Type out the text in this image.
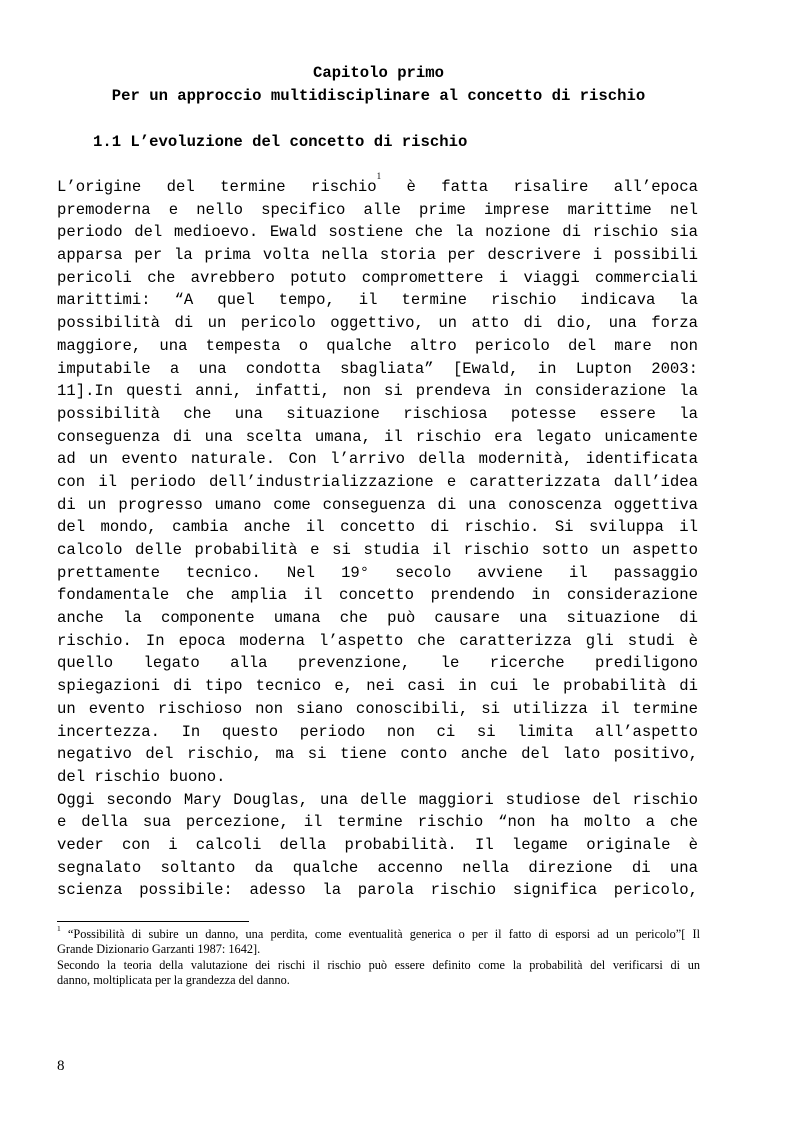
Capitolo primo
Per un approccio multidisciplinare al concetto di rischio
1.1 L’evoluzione del concetto di rischio
L’origine del termine rischio$^1$ è fatta risalire all’epoca
premoderna e nello specifico alle prime imprese marittime nel
periodo del medioevo. Ewald sostiene che la nozione di rischio sia
apparsa per la prima volta nella storia per descrivere i possibili
pericoli che avrebbero potuto compromettere i viaggi commerciali
marittimi: “A quel tempo, il termine rischio indicava la
possibilità di un pericolo oggettivo, un atto di dio, una forza
maggiore, una tempesta o qualche altro pericolo del mare non
imputabile a una condotta sbagliata” [Ewald, in Lupton 2003:
11].In questi anni, infatti, non si prendeva in considerazione la
possibilità che una situazione rischiosa potesse essere la
conseguenza di una scelta umana, il rischio era legato unicamente
ad un evento naturale. Con l’arrivo della modernità, identificata
con il periodo dell’industrializzazione e caratterizzata dall’idea
di un progresso umano come conseguenza di una conoscenza oggettiva
del mondo, cambia anche il concetto di rischio. Si sviluppa il
calcolo delle probabilità e si studia il rischio sotto un aspetto
prettamente tecnico. Nel 19° secolo avviene il passaggio
fondamentale che amplia il concetto prendendo in considerazione
anche la componente umana che può causare una situazione di
rischio. In epoca moderna l’aspetto che caratterizza gli studi è
quello legato alla prevenzione, le ricerche prediligono
spiegazioni di tipo tecnico e, nei casi in cui le probabilità di
un evento rischioso non siano conoscibili, si utilizza il termine
incertezza. In questo periodo non ci si limita all’aspetto
negativo del rischio, ma si tiene conto anche del lato positivo,
del rischio buono.
Oggi secondo Mary Douglas, una delle maggiori studiose del rischio
e della sua percezione, il termine rischio “non ha molto a che
veder con i calcoli della probabilità. Il legame originale è
segnalato soltanto da qualche accenno nella direzione di una
scienza possibile: adesso la parola rischio significa pericolo,
$^1$ “Possibilità di subire un danno, una perdita, come eventualità generica o per il fatto di esporsi ad un pericolo”[ Il
Grande Dizionario Garzanti 1987: 1642].
Secondo la teoria della valutazione dei rischi il rischio può essere definito come la probabilità del verificarsi di un
danno, moltiplicata per la grandezza del danno.
8
